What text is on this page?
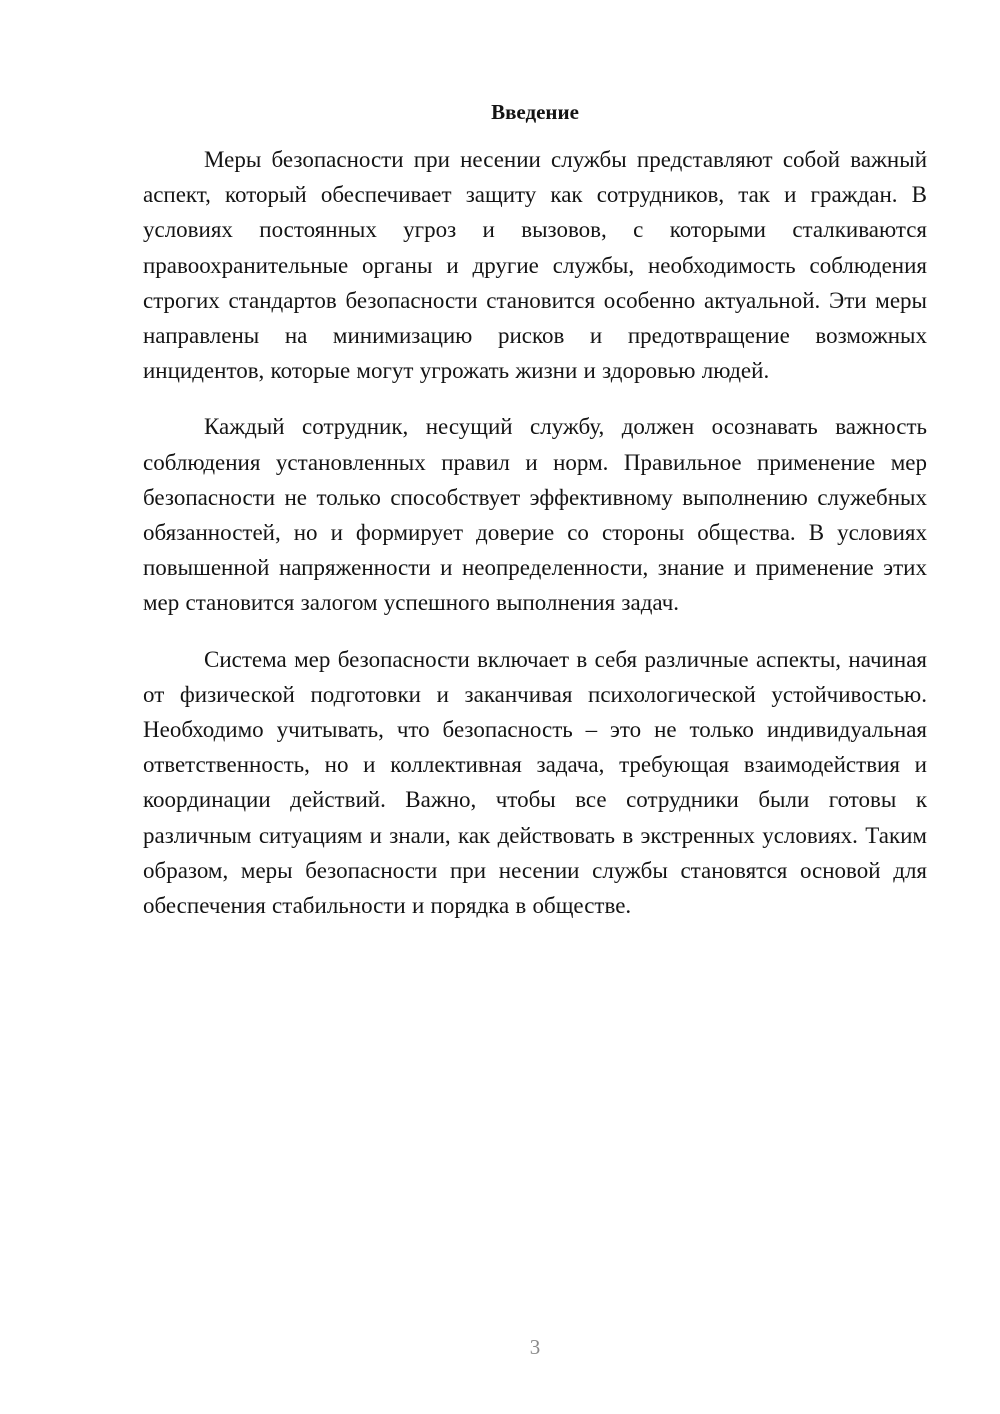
Введение

Меры безопасности при несении службы представляют собой важный аспект, который обеспечивает защиту как сотрудников, так и граждан. В условиях постоянных угроз и вызовов, с которыми сталкиваются правоохранительные органы и другие службы, необходимость соблюдения строгих стандартов безопасности становится особенно актуальной. Эти меры направлены на минимизацию рисков и предотвращение возможных инцидентов, которые могут угрожать жизни и здоровью людей.

Каждый сотрудник, несущий службу, должен осознавать важность соблюдения установленных правил и норм. Правильное применение мер безопасности не только способствует эффективному выполнению служебных обязанностей, но и формирует доверие со стороны общества. В условиях повышенной напряженности и неопределенности, знание и применение этих мер становится залогом успешного выполнения задач.

Система мер безопасности включает в себя различные аспекты, начиная от физической подготовки и заканчивая психологической устойчивостью. Необходимо учитывать, что безопасность – это не только индивидуальная ответственность, но и коллективная задача, требующая взаимодействия и координации действий. Важно, чтобы все сотрудники были готовы к различным ситуациям и знали, как действовать в экстренных условиях. Таким образом, меры безопасности при несении службы становятся основой для обеспечения стабильности и порядка в обществе.

3
